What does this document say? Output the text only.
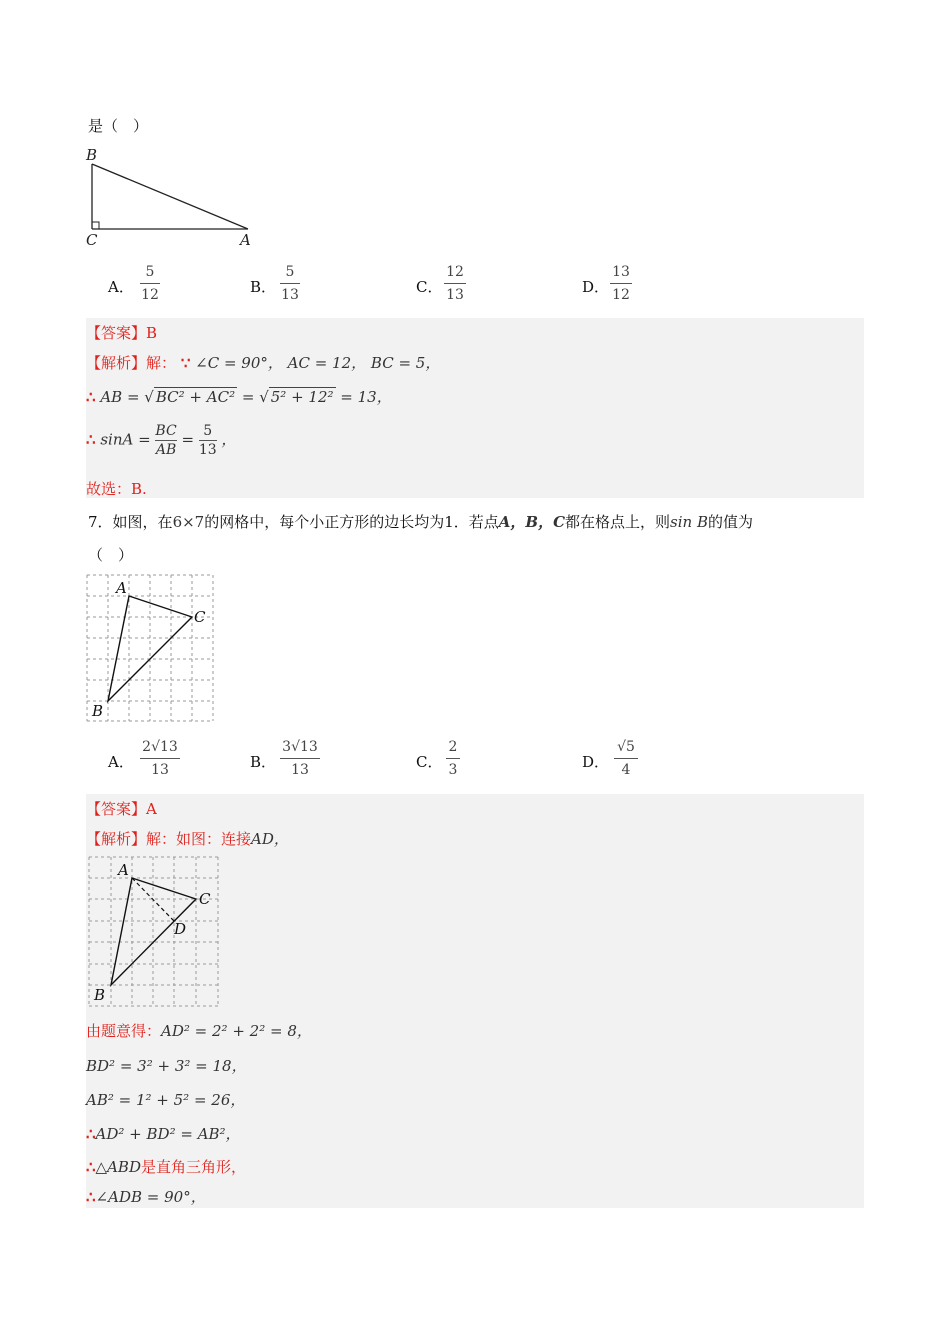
是（　）
B
C	A
A．
5
12	B．
5
13	C．
12
13	D．
13
12
【答案】B
【解析】解： ∵ ∠C = 90°， AC = 12， BC = 5，
∴ AB = √ BC² + AC² = √ 5² + 12² = 13，
∴ $\sin A = \frac{BC}{AB} = \frac{5}{13}$ ，
故选：B.
7．如图，在6×7的网格中，每个小正方形的边长均为1．若点A，B，C都在格点上，则sin B的值为
（　）
A
C
B
A．
2√13
13	B．
3√13
13	C．
2
3	D．
√5
4
【答案】A
【解析】解：如图：连接AD，
A
C
D
B
由题意得：AD² = 2² + 2² = 8，
BD² = 3² + 3² = 18，
AB² = 1² + 5² = 26，
∴AD² + BD² = AB²，
∴△ABD是直角三角形，
∴∠ADB = 90°，
